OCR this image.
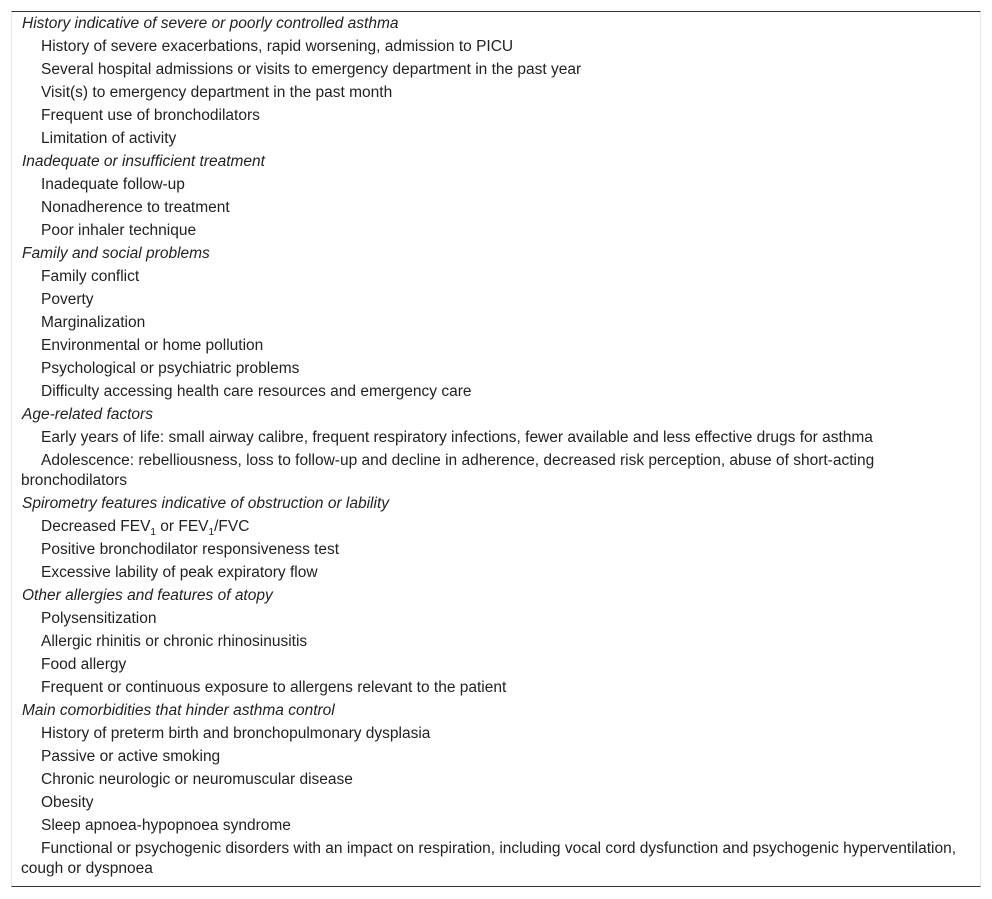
History indicative of severe or poorly controlled asthma
History of severe exacerbations, rapid worsening, admission to PICU
Several hospital admissions or visits to emergency department in the past year
Visit(s) to emergency department in the past month
Frequent use of bronchodilators
Limitation of activity
Inadequate or insufficient treatment
Inadequate follow-up
Nonadherence to treatment
Poor inhaler technique
Family and social problems
Family conflict
Poverty
Marginalization
Environmental or home pollution
Psychological or psychiatric problems
Difficulty accessing health care resources and emergency care
Age-related factors
Early years of life: small airway calibre, frequent respiratory infections, fewer available and less effective drugs for asthma
Adolescence: rebelliousness, loss to follow-up and decline in adherence, decreased risk perception, abuse of short-acting bronchodilators
Spirometry features indicative of obstruction or lability
Decreased $FEV_1$ or $FEV_1$/FVC
Positive bronchodilator responsiveness test
Excessive lability of peak expiratory flow
Other allergies and features of atopy
Polysensitization
Allergic rhinitis or chronic rhinosinusitis
Food allergy
Frequent or continuous exposure to allergens relevant to the patient
Main comorbidities that hinder asthma control
History of preterm birth and bronchopulmonary dysplasia
Passive or active smoking
Chronic neurologic or neuromuscular disease
Obesity
Sleep apnoea-hypopnoea syndrome
Functional or psychogenic disorders with an impact on respiration, including vocal cord dysfunction and psychogenic hyperventilation, cough or dyspnoea
